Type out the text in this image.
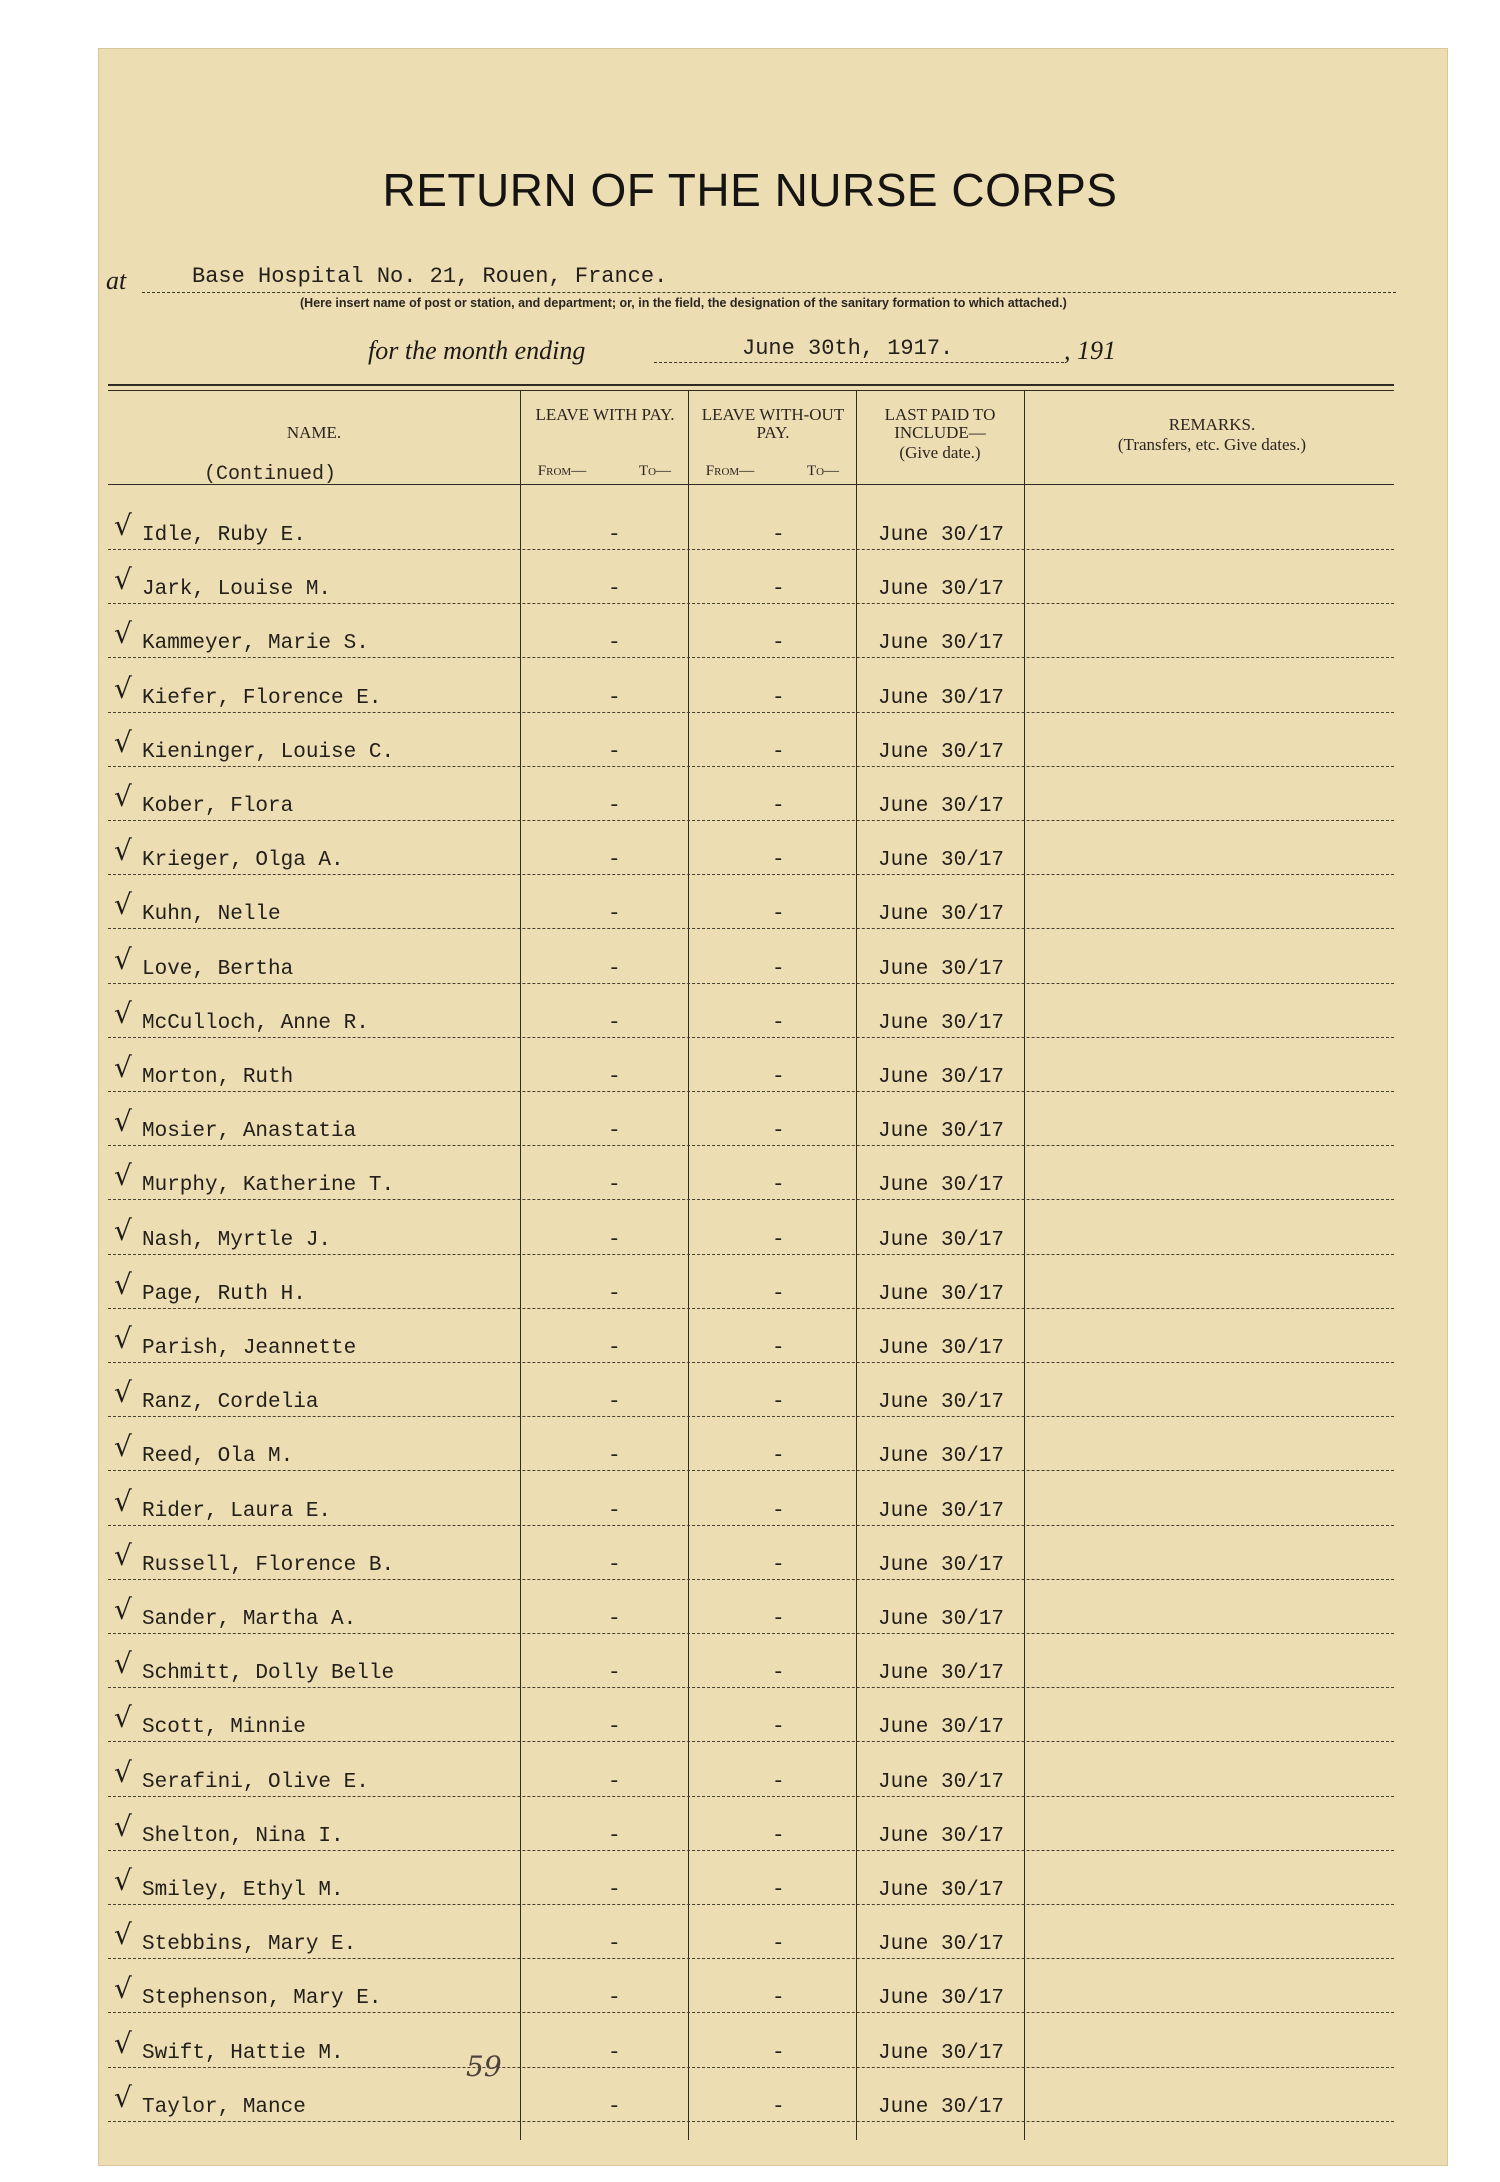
RETURN OF THE NURSE CORPS
at	Base Hospital No. 21, Rouen, France.
(Here insert name of post or station, and department; or, in the field, the designation of the sanitary formation to which attached.)
for the month ending	June 30th, 1917.	, 191
NAME.
(Continued)
LEAVE WITH PAY.
From—	To—
LEAVE WITH-OUT PAY.
From—	To—
LAST PAID TO INCLUDE—
(Give date.)
REMARKS.
(Transfers, etc. Give dates.)
√ Idle, Ruby E.	-	-	June 30/17
√ Jark, Louise M.	-	-	June 30/17
√ Kammeyer, Marie S.	-	-	June 30/17
√ Kiefer, Florence E.	-	-	June 30/17
√ Kieninger, Louise C.	-	-	June 30/17
√ Kober, Flora	-	-	June 30/17
√ Krieger, Olga A.	-	-	June 30/17
√ Kuhn, Nelle	-	-	June 30/17
√ Love, Bertha	-	-	June 30/17
√ McCulloch, Anne R.	-	-	June 30/17
√ Morton, Ruth	-	-	June 30/17
√ Mosier, Anastatia	-	-	June 30/17
√ Murphy, Katherine T.	-	-	June 30/17
√ Nash, Myrtle J.	-	-	June 30/17
√ Page, Ruth H.	-	-	June 30/17
√ Parish, Jeannette	-	-	June 30/17
√ Ranz, Cordelia	-	-	June 30/17
√ Reed, Ola M.	-	-	June 30/17
√ Rider, Laura E.	-	-	June 30/17
√ Russell, Florence B.	-	-	June 30/17
√ Sander, Martha A.	-	-	June 30/17
√ Schmitt, Dolly Belle	-	-	June 30/17
√ Scott, Minnie	-	-	June 30/17
√ Serafini, Olive E.	-	-	June 30/17
√ Shelton, Nina I.	-	-	June 30/17
√ Smiley, Ethyl M.	-	-	June 30/17
√ Stebbins, Mary E.	-	-	June 30/17
√ Stephenson, Mary E.	-	-	June 30/17
√ Swift, Hattie M.	-	-	June 30/17
√ Taylor, Mance	-	-	June 30/17
59
